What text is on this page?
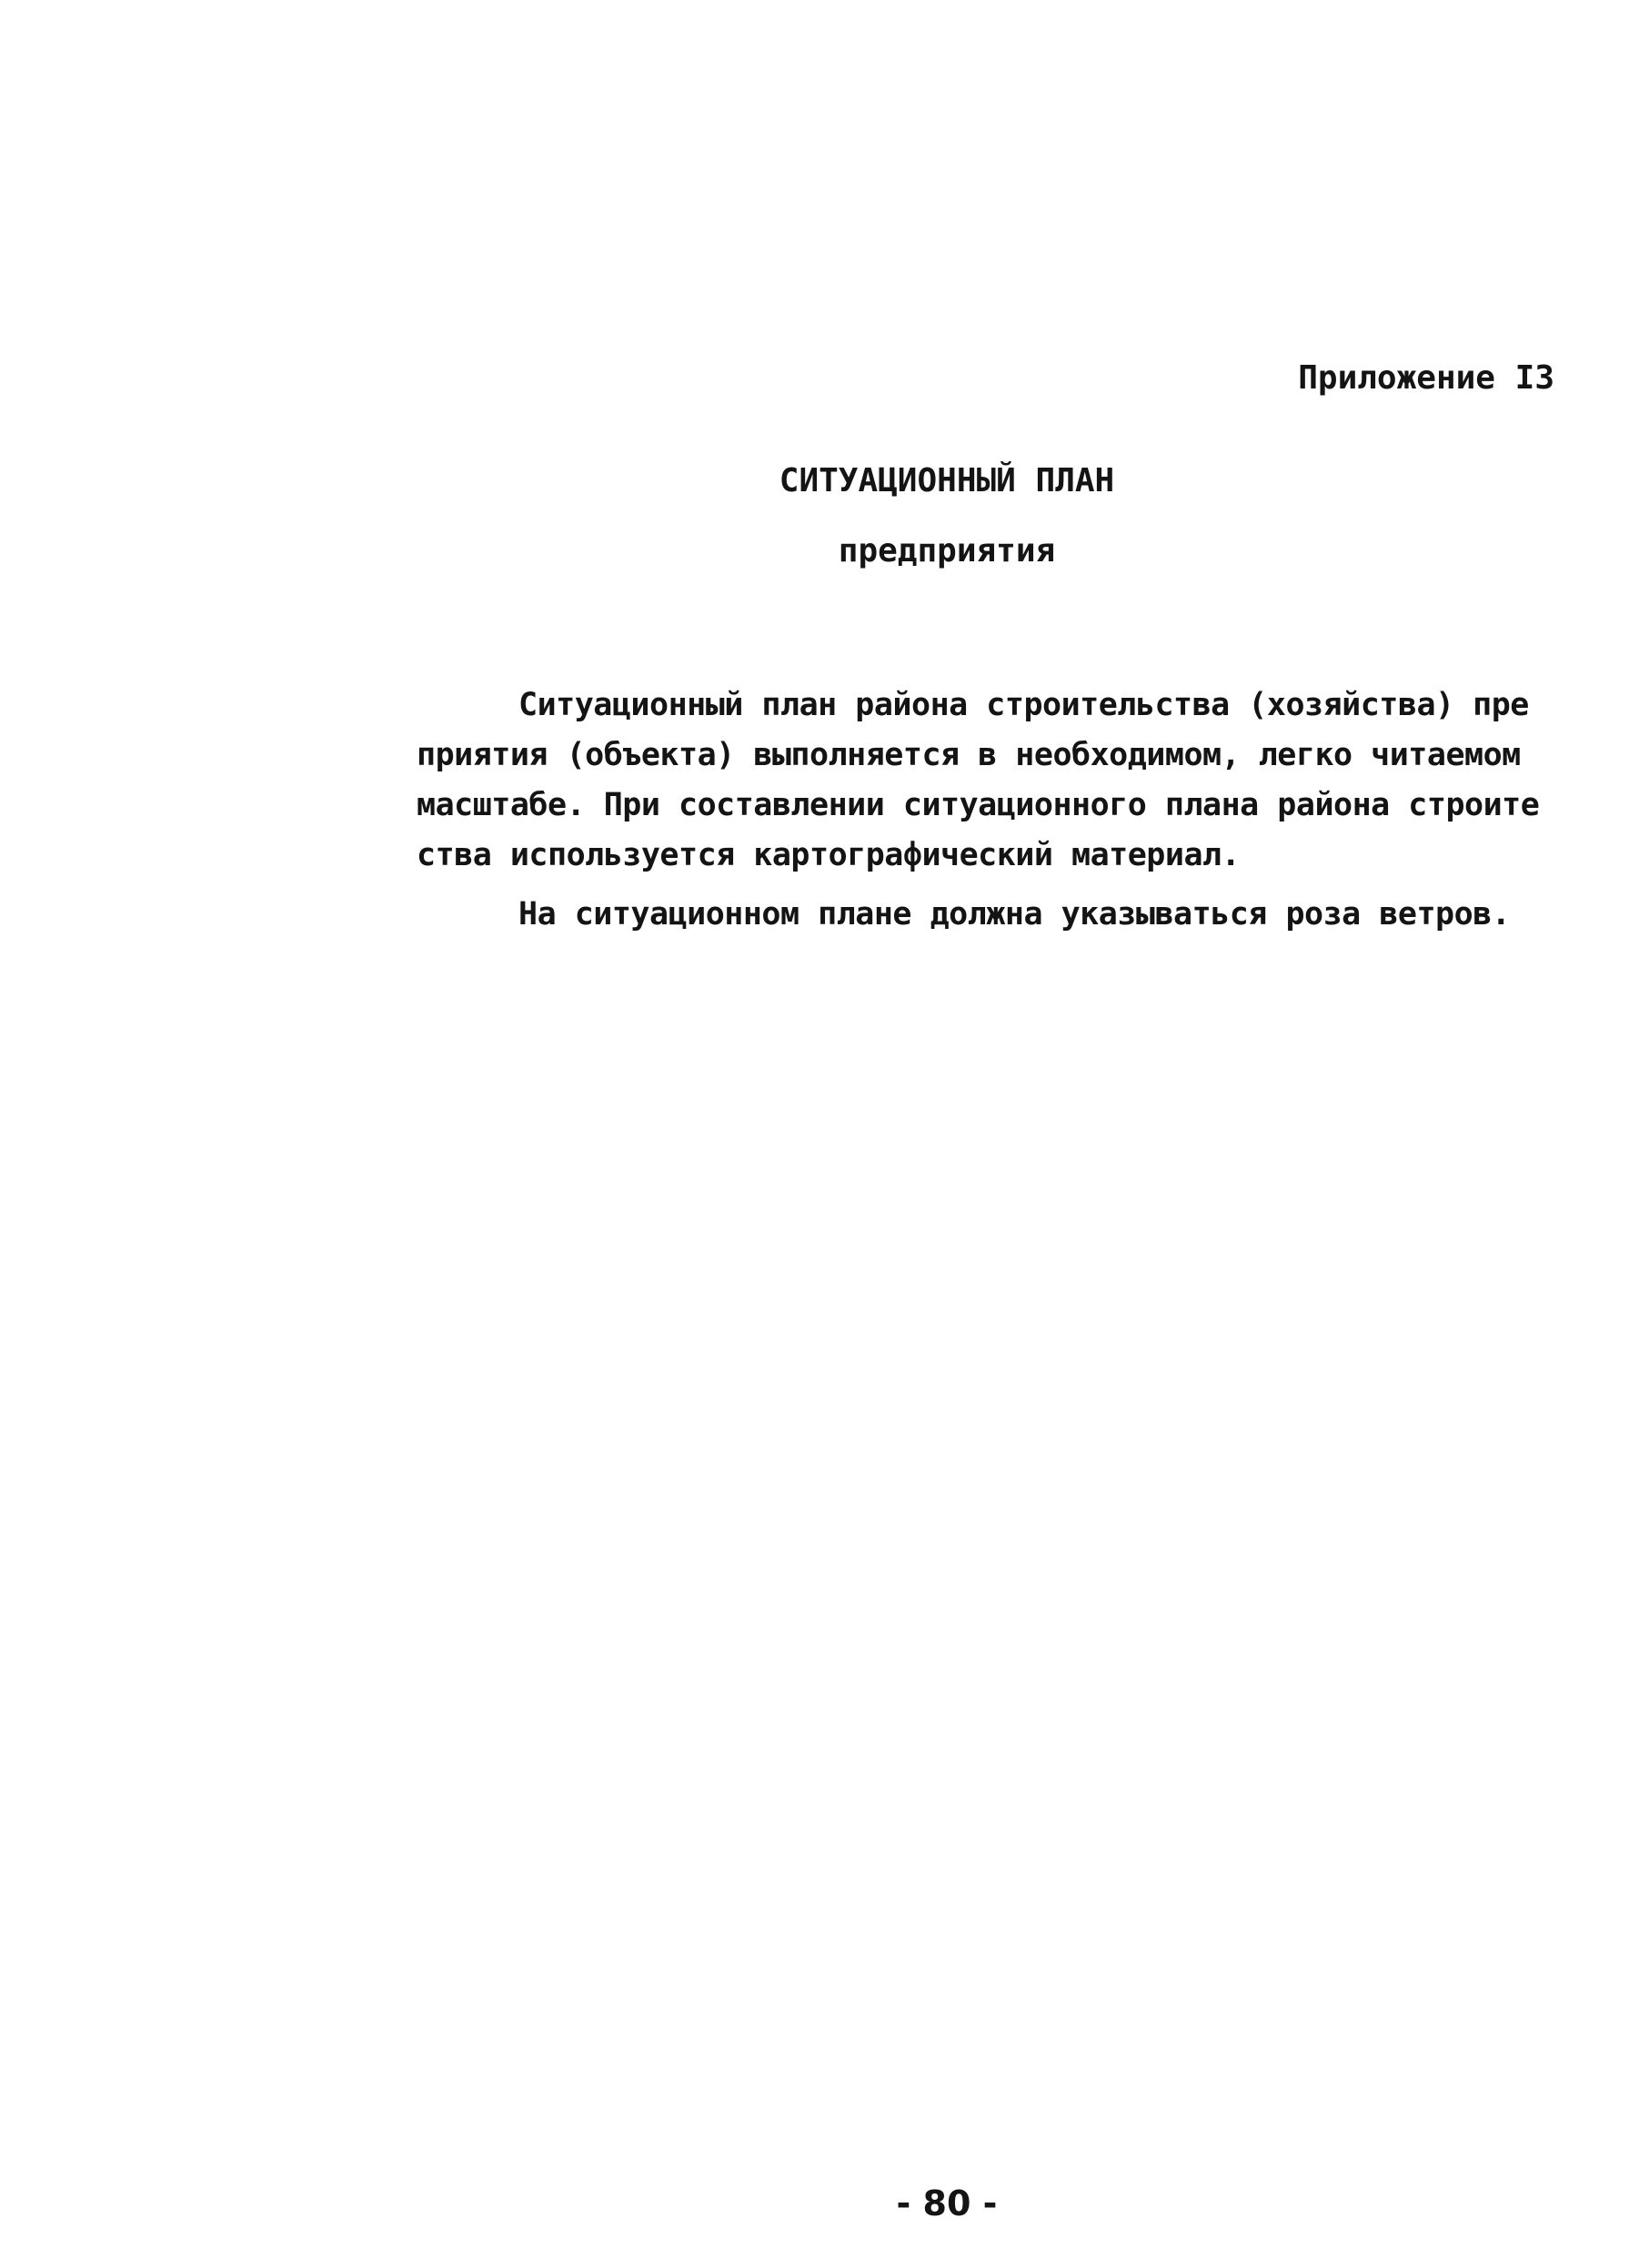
Приложение I3
СИТУАЦИОННЫЙ ПЛАН
предприятия
Ситуационный план района строительства (хозяйства) пре
приятия (объекта) выполняется в необходимом, легко читаемом
масштабе. При составлении ситуационного плана района строите
ства используется картографический материал.
На ситуационном плане должна указываться роза ветров.
- 80 -
